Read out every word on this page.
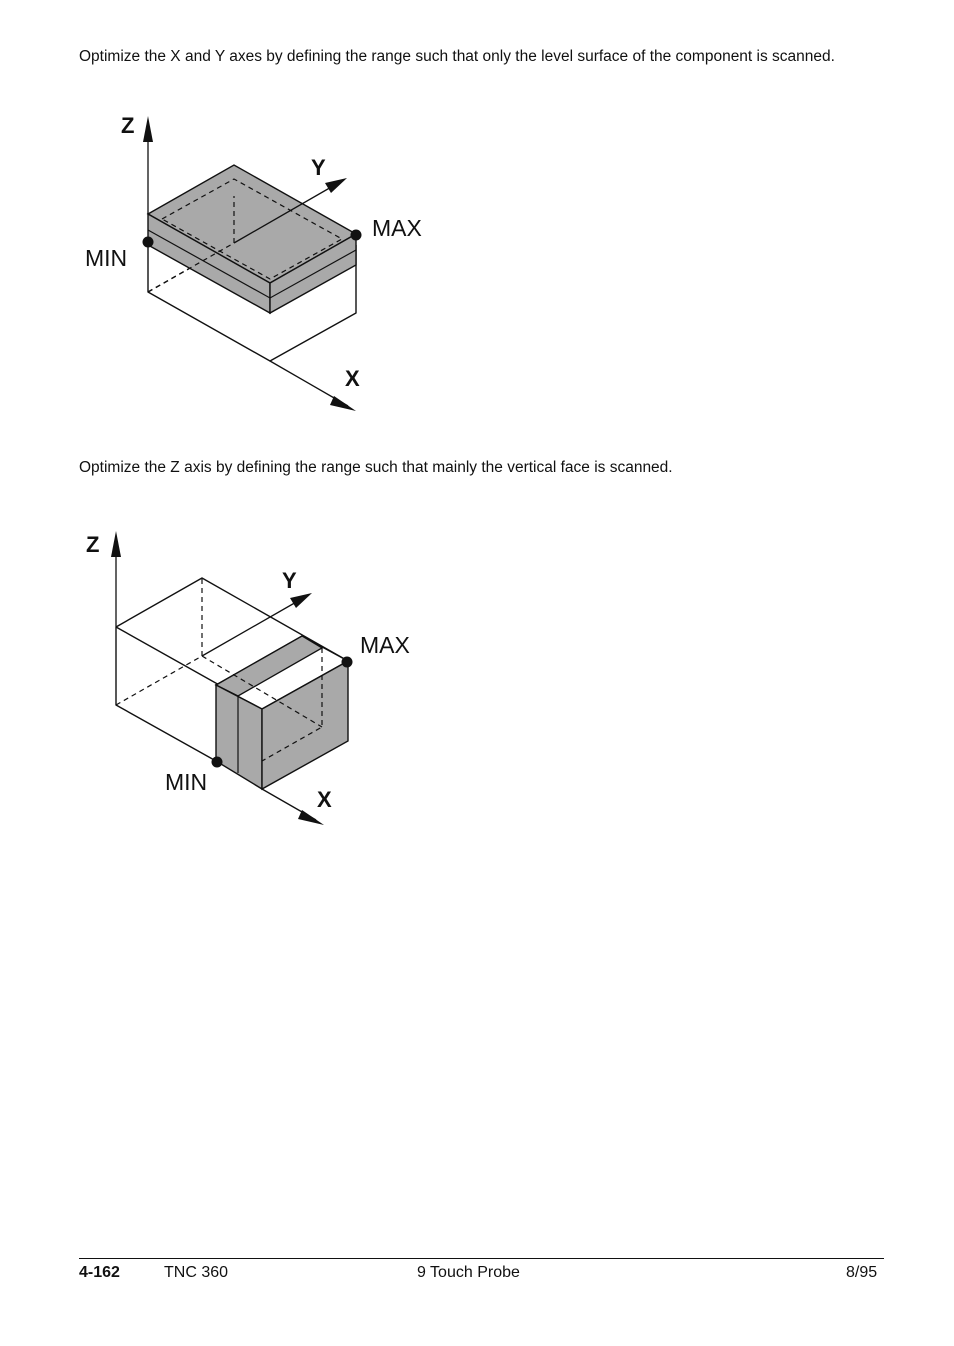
Optimize the X and Y axes by defining the range such that only the level surface of the component is scanned.

Z
Y
X
MAX
MIN

Optimize the Z axis by defining the range such that mainly the vertical face is scanned.

Z
Y
X
MAX
MIN
4-162	TNC 360	9 Touch Probe	8/95
